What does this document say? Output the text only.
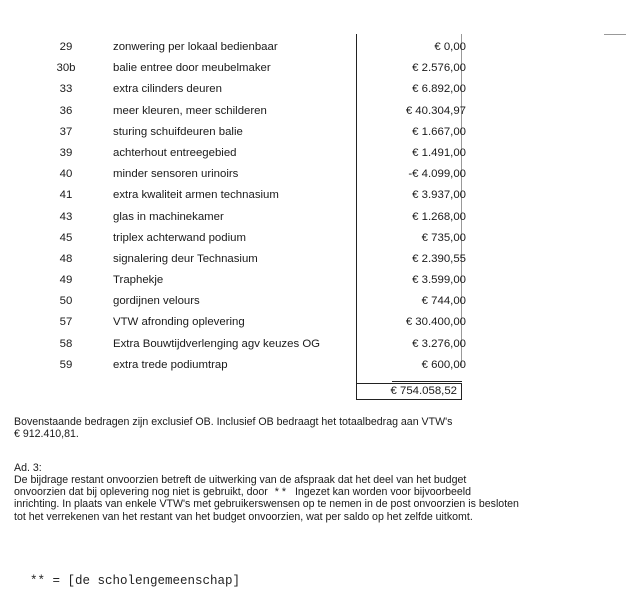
29	zonwering per lokaal bedienbaar	€ 0,00
30b	balie entree door meubelmaker	€ 2.576,00
33	extra cilinders deuren	€ 6.892,00
36	meer kleuren, meer schilderen	€ 40.304,97
37	sturing schuifdeuren balie	€ 1.667,00
39	achterhout entreegebied	€ 1.491,00
40	minder sensoren urinoirs	-€ 4.099,00
41	extra kwaliteit armen technasium	€ 3.937,00
43	glas in machinekamer	€ 1.268,00
45	triplex achterwand podium	€ 735,00
48	signalering deur Technasium	€ 2.390,55
49	Traphekje	€ 3.599,00
50	gordijnen velours	€ 744,00
57	VTW afronding oplevering	€ 30.400,00
58	Extra Bouwtijdverlenging agv keuzes OG	€ 3.276,00
59	extra trede podiumtrap	€ 600,00
€ 754.058,52
Bovenstaande bedragen zijn exclusief OB. Inclusief OB bedraagt het totaalbedrag aan VTW's
€ 912.410,81.
Ad. 3:
De bijdrage restant onvoorzien betreft de uitwerking van de afspraak dat het deel van het budget
onvoorzien dat bij oplevering nog niet is gebruikt, door * * Ingezet kan worden voor bijvoorbeeld
inrichting. In plaats van enkele VTW's met gebruikerswensen op te nemen in de post onvoorzien is besloten
tot het verrekenen van het restant van het budget onvoorzien, wat per saldo op het zelfde uitkomt.
** = [de scholengemeenschap]
